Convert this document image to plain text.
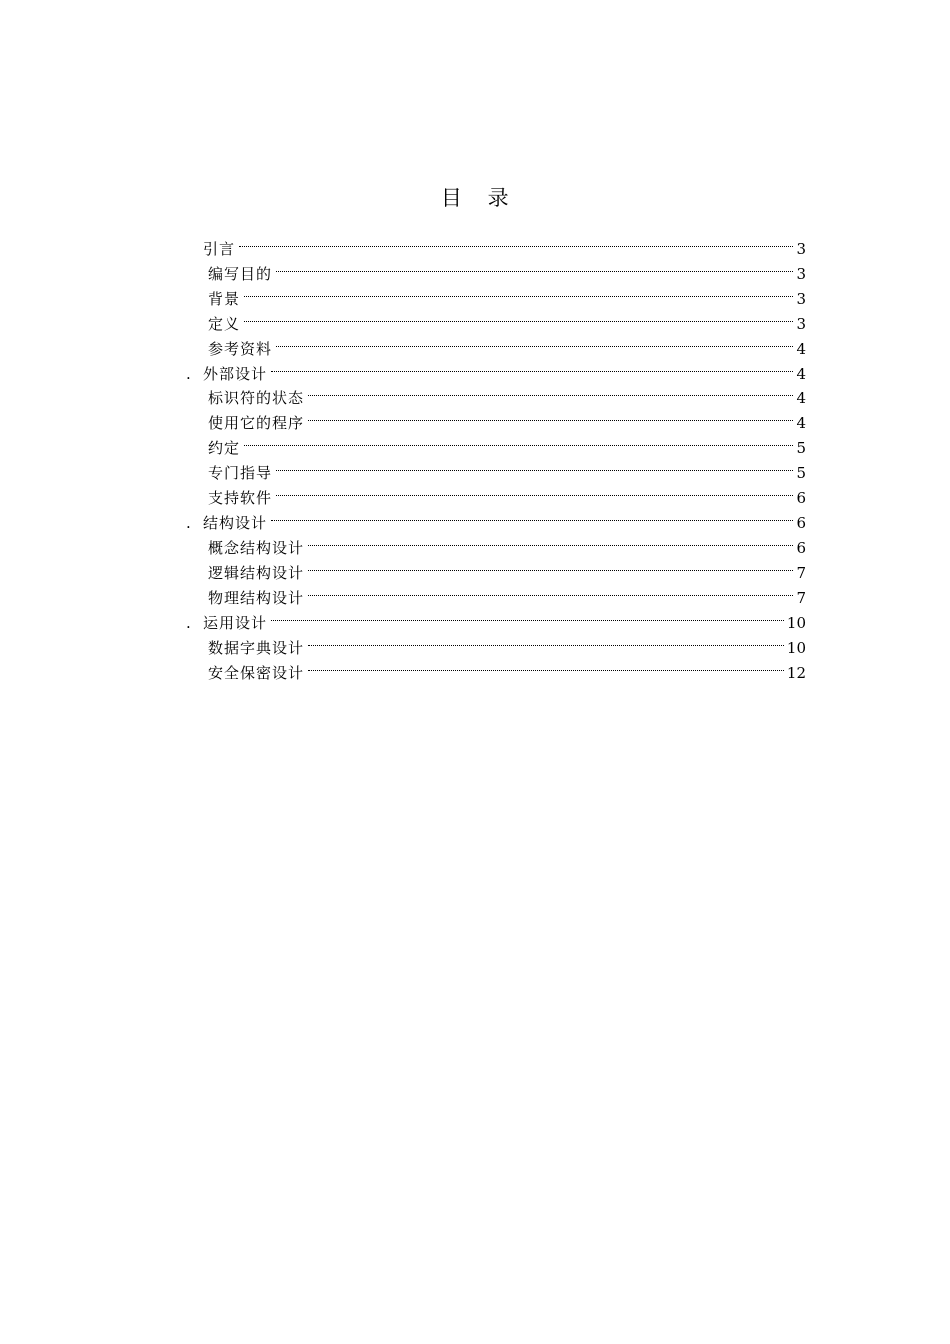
目 录
引言	3
编写目的	3
背景	3
定义	3
参考资料	4
. 外部设计	4
标识符的状态	4
使用它的程序	4
约定	5
专门指导	5
支持软件	6
. 结构设计	6
概念结构设计	6
逻辑结构设计	7
物理结构设计	7
. 运用设计	10
数据字典设计	10
安全保密设计	12
